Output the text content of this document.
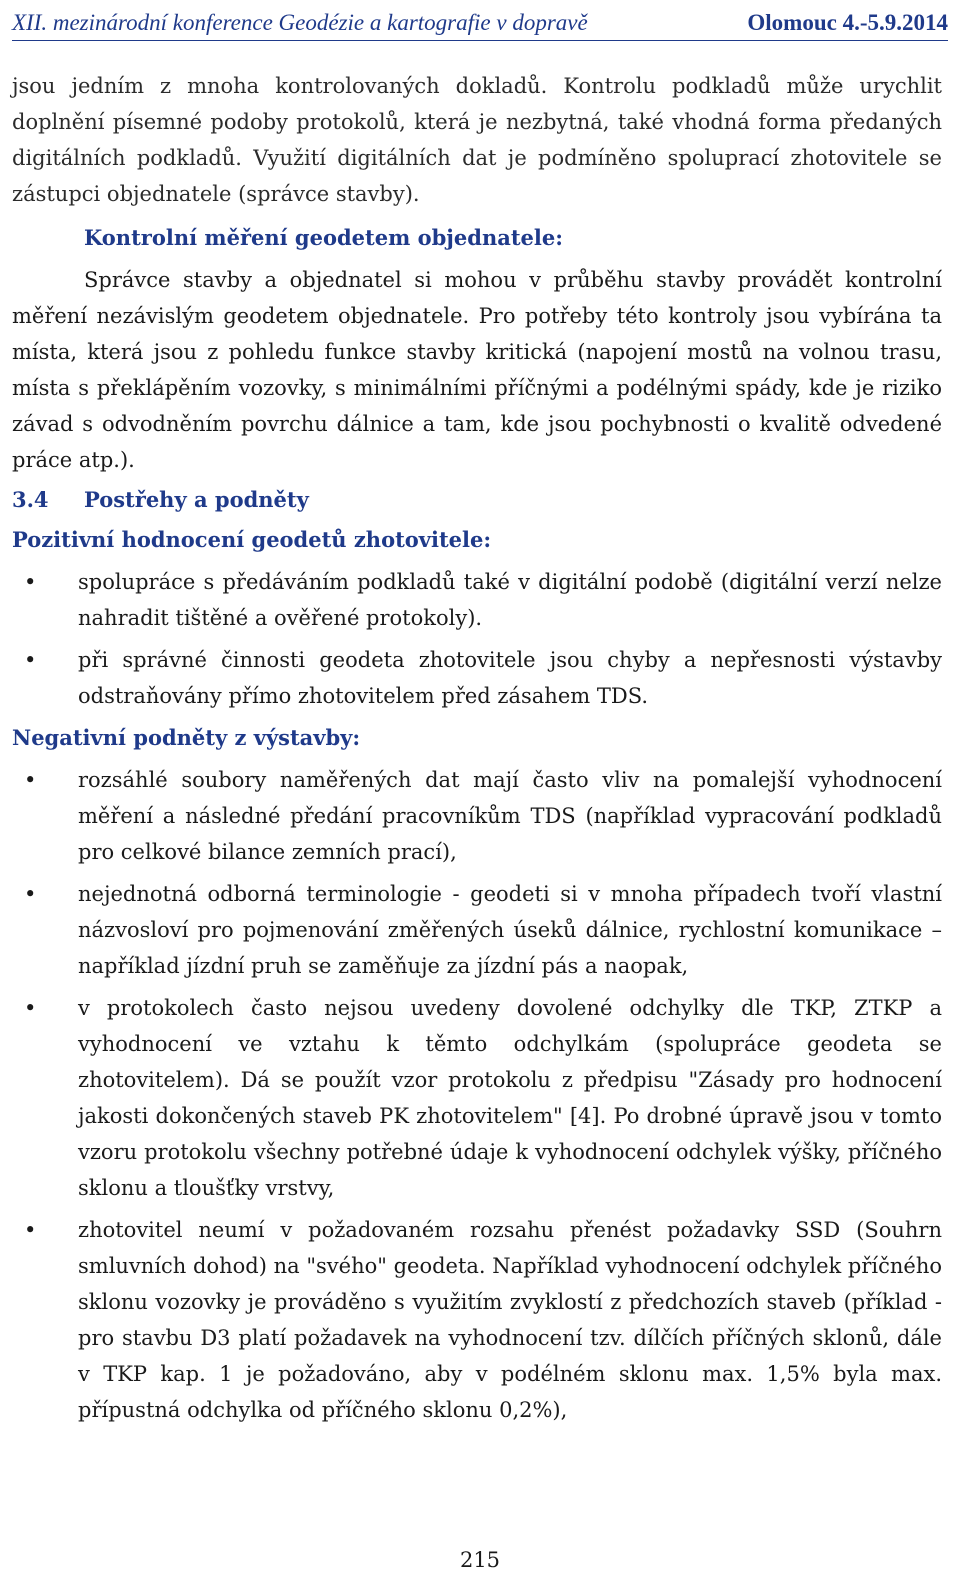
XII. mezinárodní konference Geodézie a kartografie v dopravě	Olomouc 4.-5.9.2014

jsou jedním z mnoha kontrolovaných dokladů. Kontrolu podkladů může urychlit doplnění písemné podoby protokolů, která je nezbytná, také vhodná forma předaných digitálních podkladů. Využití digitálních dat je podmíněno spoluprací zhotovitele se zástupci objednatele (správce stavby).

Kontrolní měření geodetem objednatele:

Správce stavby a objednatel si mohou v průběhu stavby provádět kontrolní měření nezávislým geodetem objednatele. Pro potřeby této kontroly jsou vybírána ta místa, která jsou z pohledu funkce stavby kritická (napojení mostů na volnou trasu, místa s překlápěním vozovky, s minimálními příčnými a podélnými spády, kde je riziko závad s odvodněním povrchu dálnice a tam, kde jsou pochybnosti o kvalitě odvedené práce atp.).

3.4 Postřehy a podněty

Pozitivní hodnocení geodetů zhotovitele:

• spolupráce s předáváním podkladů také v digitální podobě (digitální verzí nelze nahradit tištěné a ověřené protokoly).
• při správné činnosti geodeta zhotovitele jsou chyby a nepřesnosti výstavby odstraňovány přímo zhotovitelem před zásahem TDS.

Negativní podněty z výstavby:

• rozsáhlé soubory naměřených dat mají často vliv na pomalejší vyhodnocení měření a následné předání pracovníkům TDS (například vypracování podkladů pro celkové bilance zemních prací),
• nejednotná odborná terminologie - geodeti si v mnoha případech tvoří vlastní názvosloví pro pojmenování změřených úseků dálnice, rychlostní komunikace – například jízdní pruh se zaměňuje za jízdní pás a naopak,
• v protokolech často nejsou uvedeny dovolené odchylky dle TKP, ZTKP a vyhodnocení ve vztahu k těmto odchylkám (spolupráce geodeta se zhotovitelem). Dá se použít vzor protokolu z předpisu "Zásady pro hodnocení jakosti dokončených staveb PK zhotovitelem" [4]. Po drobné úpravě jsou v tomto vzoru protokolu všechny potřebné údaje k vyhodnocení odchylek výšky, příčného sklonu a tloušťky vrstvy,
• zhotovitel neumí v požadovaném rozsahu přenést požadavky SSD (Souhrn smluvních dohod) na "svého" geodeta. Například vyhodnocení odchylek příčného sklonu vozovky je prováděno s využitím zvyklostí z předchozích staveb (příklad - pro stavbu D3 platí požadavek na vyhodnocení tzv. dílčích příčných sklonů, dále v TKP kap. 1 je požadováno, aby v podélném sklonu max. 1,5% byla max. přípustná odchylka od příčného sklonu 0,2%),
215
